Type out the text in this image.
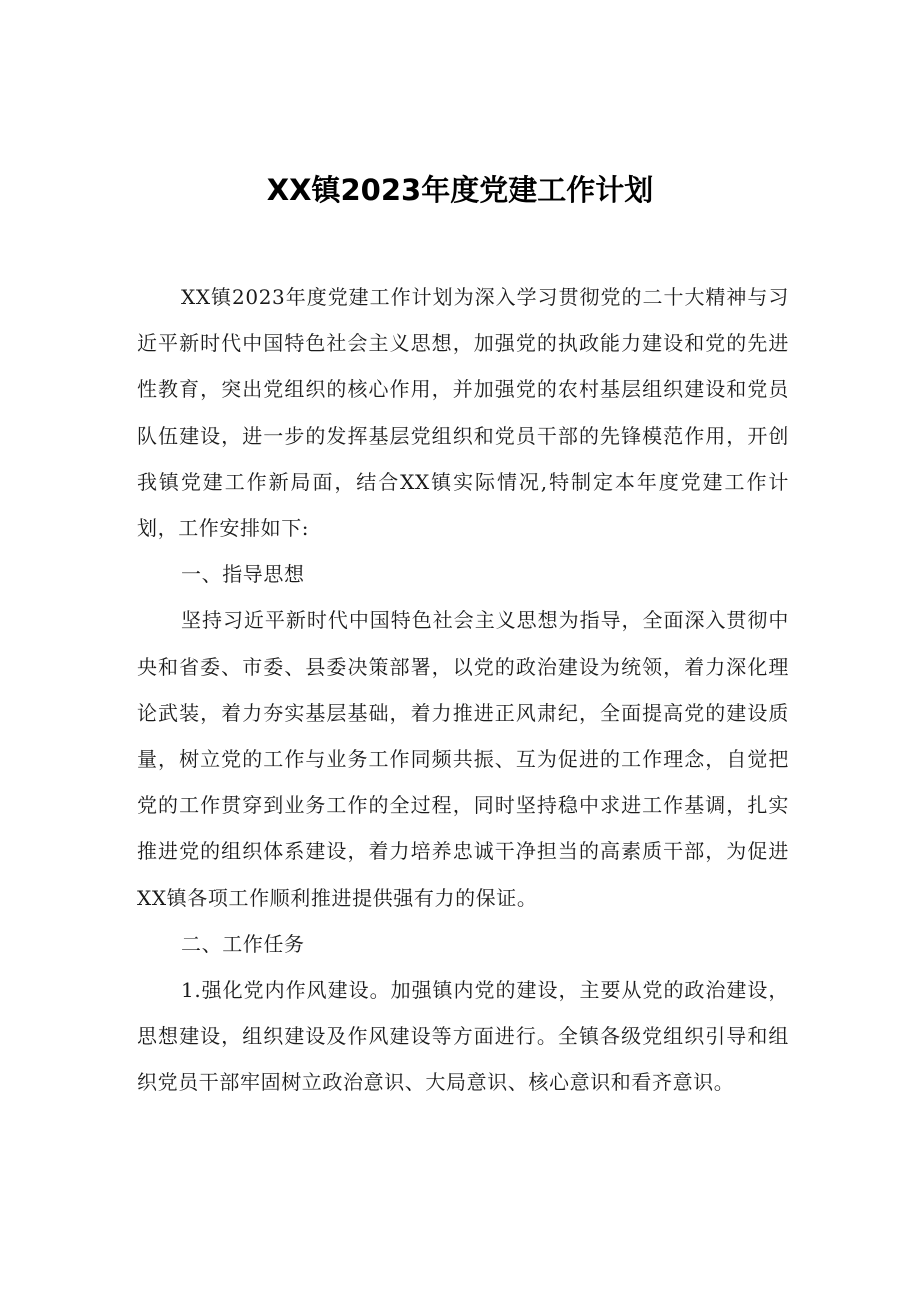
XX镇2023年度党建工作计划

XX镇2023年度党建工作计划为深入学习贯彻党的二十大精神与习近平新时代中国特色社会主义思想，加强党的执政能力建设和党的先进性教育，突出党组织的核心作用，并加强党的农村基层组织建设和党员队伍建设，进一步的发挥基层党组织和党员干部的先锋模范作用，开创我镇党建工作新局面，结合XX镇实际情况,特制定本年度党建工作计划，工作安排如下:

一、指导思想

坚持习近平新时代中国特色社会主义思想为指导，全面深入贯彻中央和省委、市委、县委决策部署，以党的政治建设为统领，着力深化理论武装，着力夯实基层基础，着力推进正风肃纪，全面提高党的建设质量，树立党的工作与业务工作同频共振、互为促进的工作理念，自觉把党的工作贯穿到业务工作的全过程，同时坚持稳中求进工作基调，扎实推进党的组织体系建设，着力培养忠诚干净担当的高素质干部，为促进XX镇各项工作顺利推进提供强有力的保证。

二、工作任务

1.强化党内作风建设。加强镇内党的建设，主要从党的政治建设，思想建设，组织建设及作风建设等方面进行。全镇各级党组织引导和组织党员干部牢固树立政治意识、大局意识、核心意识和看齐意识。
